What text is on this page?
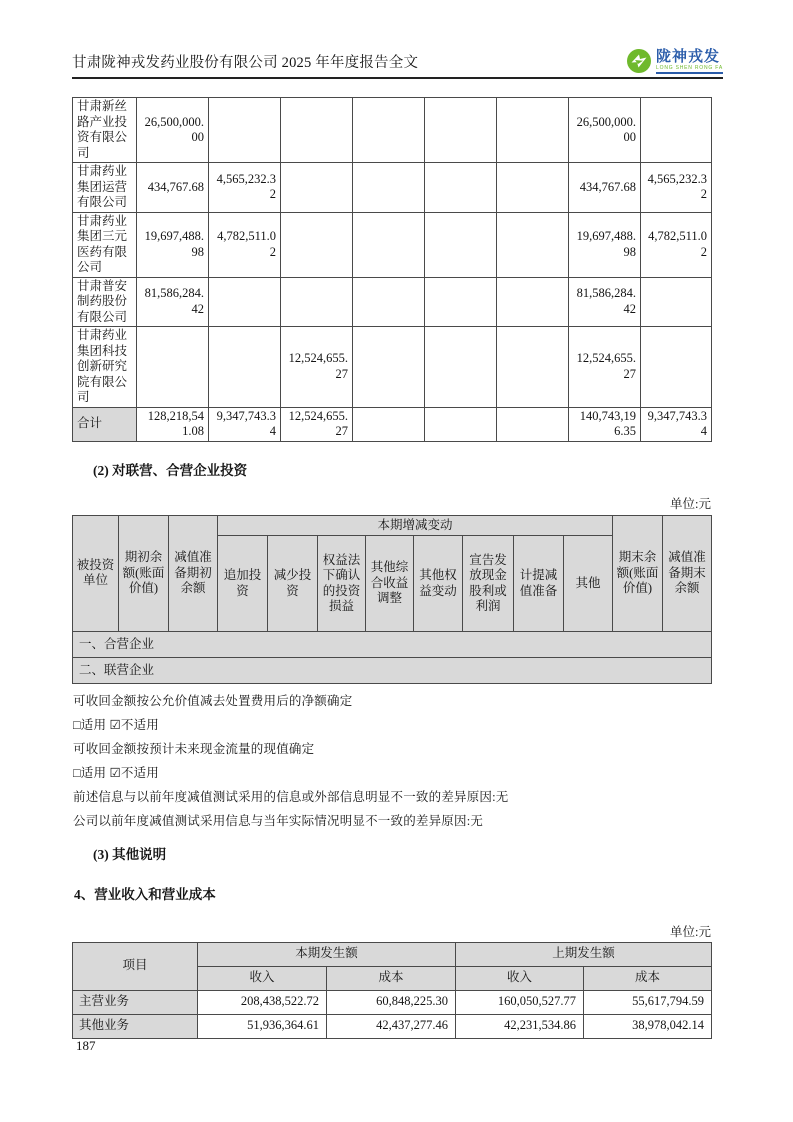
甘肃陇神戎发药业股份有限公司 2025 年年度报告全文	陇神戎发
LONG SHEN RONG FA
甘肃新丝路产业投资有限公司	26,500,000.00						26,500,000.00	
甘肃药业集团运营有限公司	434,767.68	4,565,232.32					434,767.68	4,565,232.32
甘肃药业集团三元医药有限公司	19,697,488.98	4,782,511.02					19,697,488.98	4,782,511.02
甘肃普安制药股份有限公司	81,586,284.42						81,586,284.42	
甘肃药业集团科技创新研究院有限公司			12,524,655.27				12,524,655.27	
合计	128,218,541.08	9,347,743.34	12,524,655.27				140,743,196.35	9,347,743.34
(2) 对联营、合营企业投资
单位:元
被投资单位	期初余额(账面价值)	减值准备期初余额	本期增减变动								期末余额(账面价值)	减值准备期末余额
			追加投资	减少投资	权益法下确认的投资损益	其他综合收益调整	其他权益变动	宣告发放现金股利或利润	计提减值准备	其他		
一、合营企业												
二、联营企业												

可收回金额按公允价值减去处置费用后的净额确定

□适用 ☑不适用

可收回金额按预计未来现金流量的现值确定

□适用 ☑不适用

前述信息与以前年度减值测试采用的信息或外部信息明显不一致的差异原因:无

公司以前年度减值测试采用信息与当年实际情况明显不一致的差异原因:无

(3) 其他说明
4、营业收入和营业成本
单位:元
项目	本期发生额		上期发生额	
	收入	成本	收入	成本
主营业务	208,438,522.72	60,848,225.30	160,050,527.77	55,617,794.59
其他业务	51,936,364.61	42,437,277.46	42,231,534.86	38,978,042.14
187
